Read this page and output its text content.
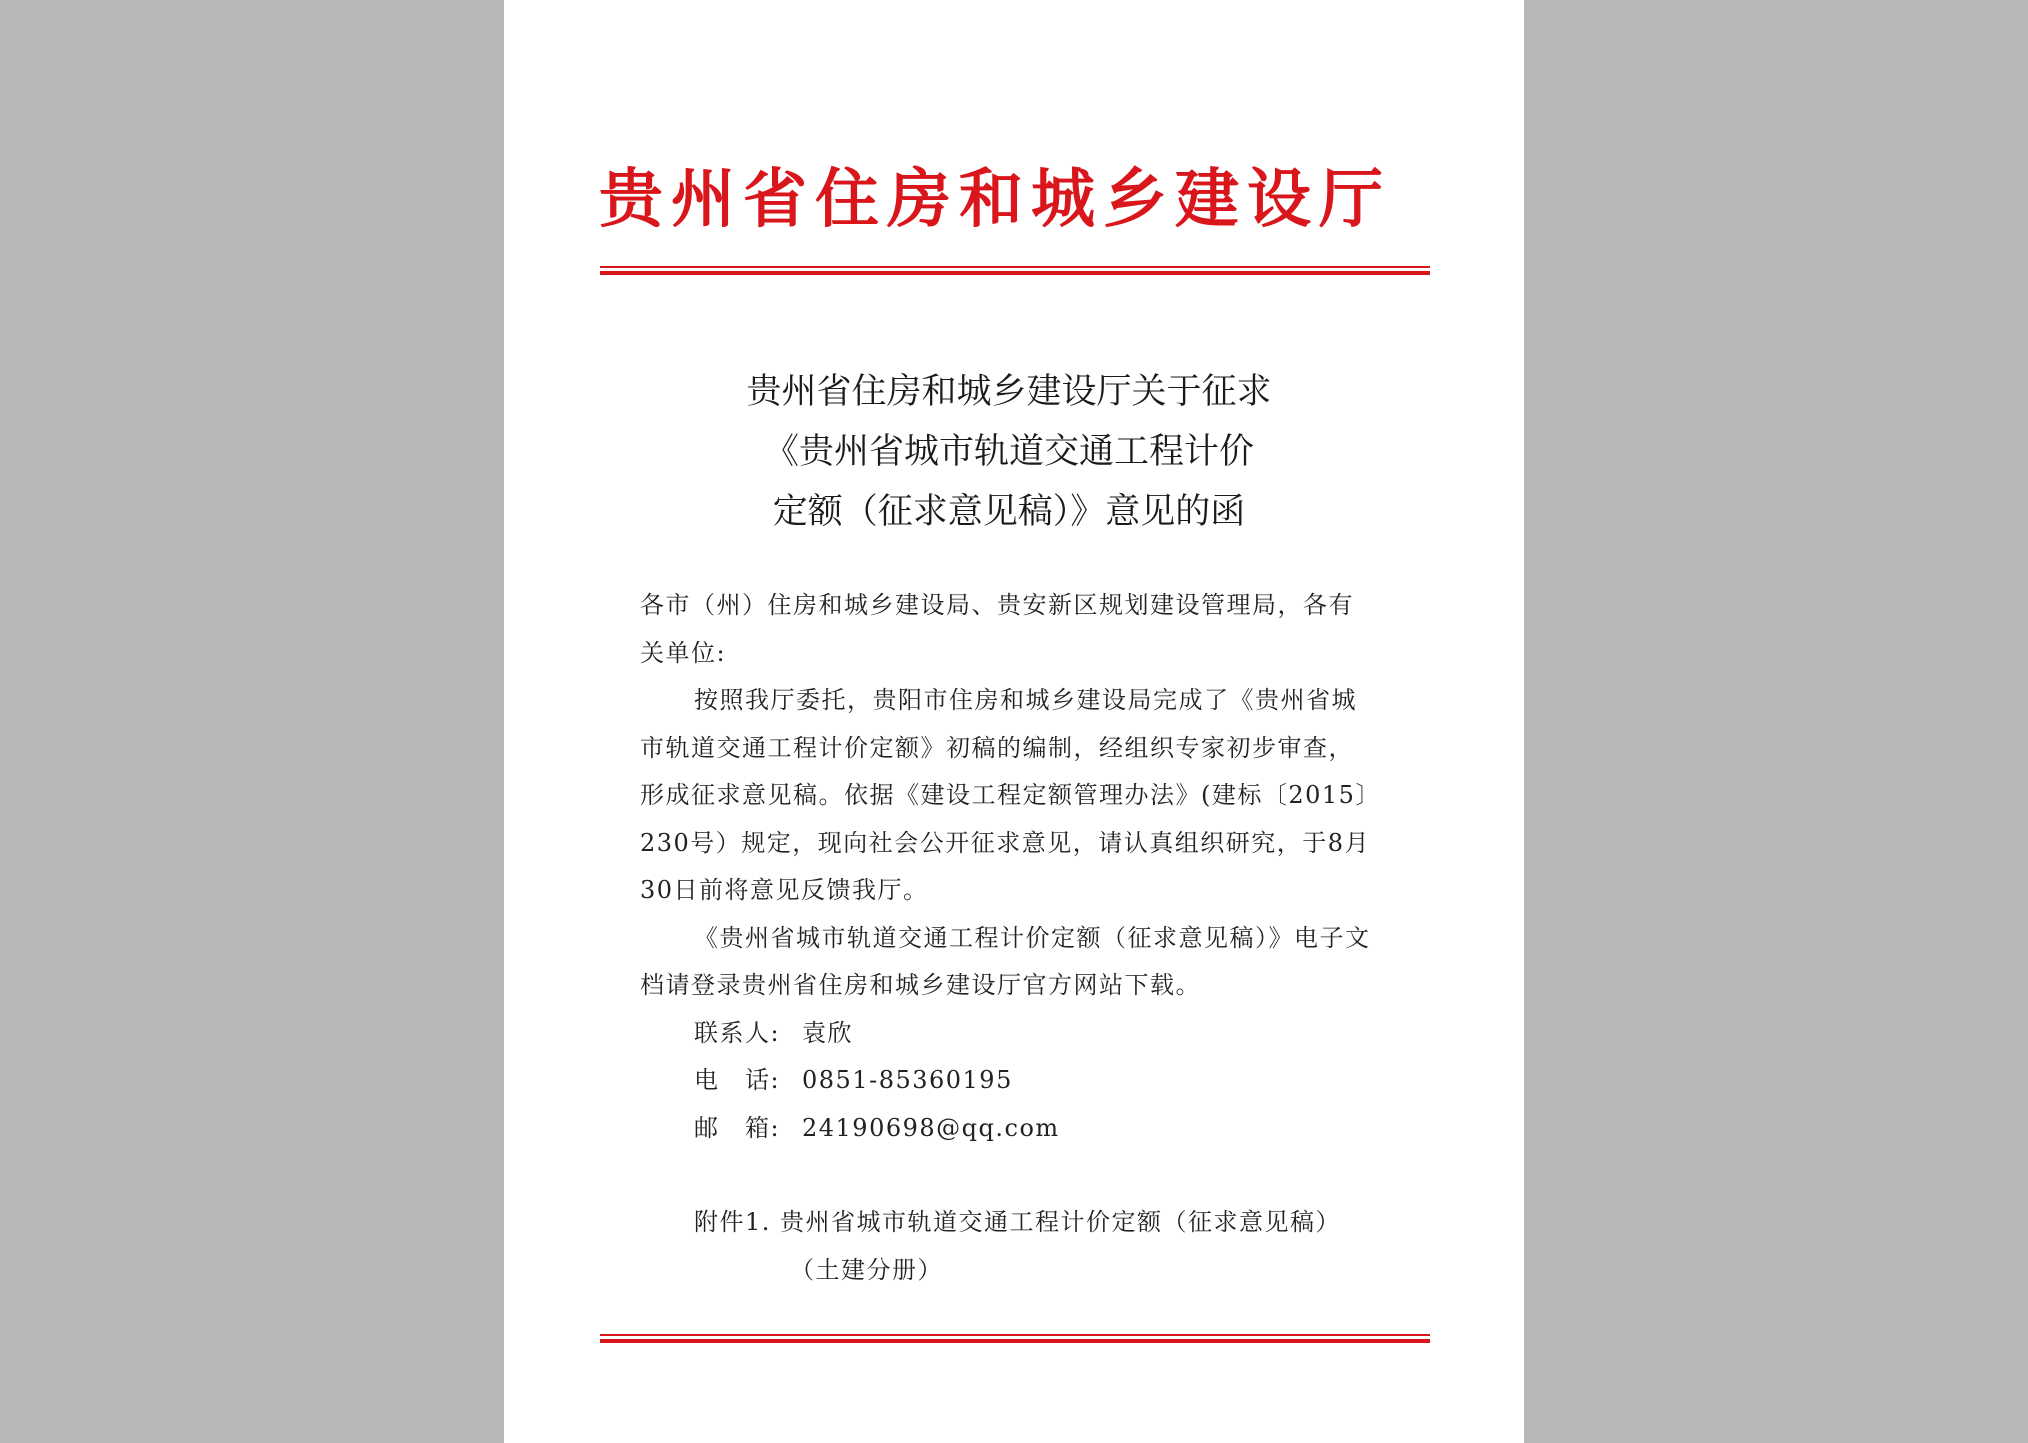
贵州省住房和城乡建设厅
贵州省住房和城乡建设厅关于征求
《贵州省城市轨道交通工程计价
定额（征求意见稿）》意见的函

各市（州）住房和城乡建设局、贵安新区规划建设管理局，各有

关单位:

按照我厅委托，贵阳市住房和城乡建设局完成了《贵州省城

市轨道交通工程计价定额》初稿的编制，经组织专家初步审查，

形成征求意见稿。依据《建设工程定额管理办法》(建标〔2015〕

230号）规定，现向社会公开征求意见，请认真组织研究，于8月

30日前将意见反馈我厅。

《贵州省城市轨道交通工程计价定额（征求意见稿）》电子文

档请登录贵州省住房和城乡建设厅官方网站下载。

联系人: 袁欣

电　话: 0851-85360195

邮　箱: 24190698@qq.com

附件1. 贵州省城市轨道交通工程计价定额（征求意见稿）

（土建分册）
